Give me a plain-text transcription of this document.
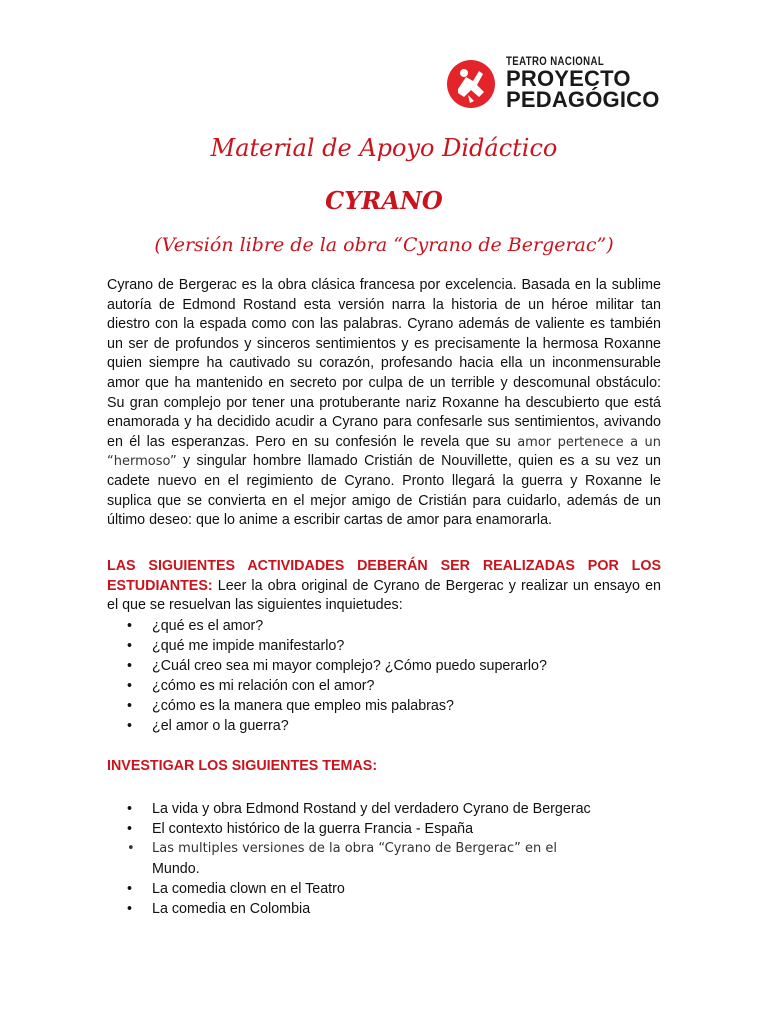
TEATRO NACIONAL
PROYECTO
PEDAGÓGICO
Material de Apoyo Didáctico
CYRANO
(Versión libre de la obra “Cyrano de Bergerac”)

Cyrano de Bergerac es la obra clásica francesa por excelencia. Basada en la sublime autoría de Edmond Rostand esta versión narra la historia de un héroe militar tan diestro con la espada como con las palabras. Cyrano además de valiente es también un ser de profundos y sinceros sentimientos y es precisamente la hermosa Roxanne quien siempre ha cautivado su corazón, profesando hacia ella un inconmensurable amor que ha mantenido en secreto por culpa de un terrible y descomunal obstáculo: Su gran complejo por tener una protuberante nariz Roxanne ha descubierto que está enamorada y ha decidido acudir a Cyrano para confesarle sus sentimientos, avivando en él las esperanzas. Pero en su confesión le revela que su amor pertenece a un “hermoso” y singular hombre llamado Cristián de Nouvillette, quien es a su vez un cadete nuevo en el regimiento de Cyrano. Pronto llegará la guerra y Roxanne le suplica que se convierta en el mejor amigo de Cristián para cuidarlo, además de un último deseo: que lo anime a escribir cartas de amor para enamorarla.

LAS SIGUIENTES ACTIVIDADES DEBERÁN SER REALIZADAS POR LOS ESTUDIANTES: Leer la obra original de Cyrano de Bergerac y realizar un ensayo en el que se resuelvan las siguientes inquietudes:

• ¿qué es el amor?
• ¿qué me impide manifestarlo?
• ¿Cuál creo sea mi mayor complejo? ¿Cómo puedo superarlo?
• ¿cómo es mi relación con el amor?
• ¿cómo es la manera que empleo mis palabras?
• ¿el amor o la guerra?

INVESTIGAR LOS SIGUIENTES TEMAS:

• La vida y obra Edmond Rostand y del verdadero Cyrano de Bergerac
• El contexto histórico de la guerra Francia - España
• Las multiples versiones de la obra “Cyrano de Bergerac” en el
Mundo.
• La comedia clown en el Teatro
• La comedia en Colombia
